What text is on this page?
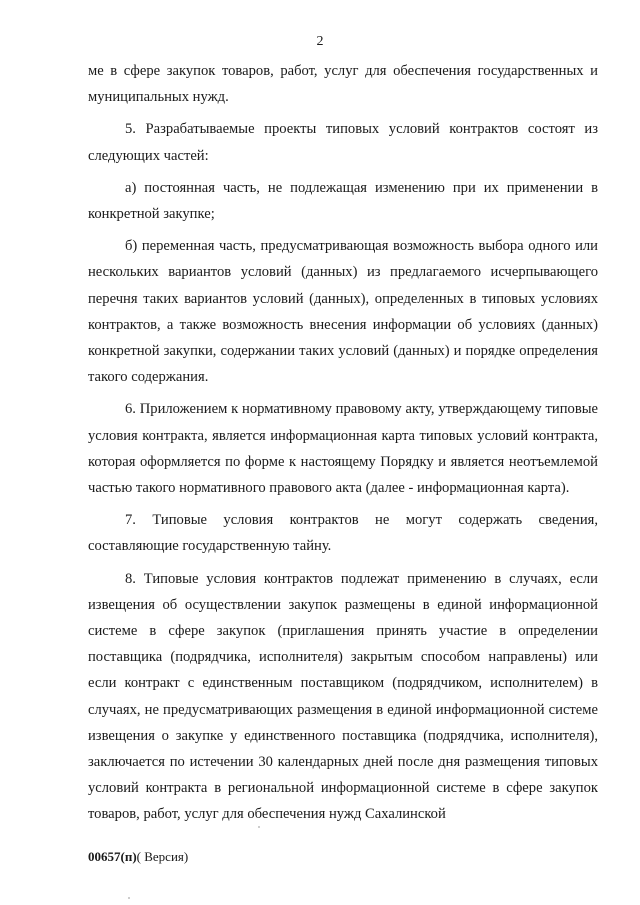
2

ме в сфере закупок товаров, работ, услуг для обеспечения государственных и муниципальных нужд.

5. Разрабатываемые проекты типовых условий контрактов состоят из следующих частей:

а) постоянная часть, не подлежащая изменению при их применении в конкретной закупке;

б) переменная часть, предусматривающая возможность выбора одного или нескольких вариантов условий (данных) из предлагаемого исчерпывающего перечня таких вариантов условий (данных), определенных в типовых условиях контрактов, а также возможность внесения информации об условиях (данных) конкретной закупки, содержании таких условий (данных) и порядке определения такого содержания.

6. Приложением к нормативному правовому акту, утверждающему типовые условия контракта, является информационная карта типовых условий контракта, которая оформляется по форме к настоящему Порядку и является неотъемлемой частью такого нормативного правового акта (далее - информационная карта).

7. Типовые условия контрактов не могут содержать сведения, составляющие государственную тайну.

8. Типовые условия контрактов подлежат применению в случаях, если извещения об осуществлении закупок размещены в единой информационной системе в сфере закупок (приглашения принять участие в определении поставщика (подрядчика, исполнителя) закрытым способом направлены) или если контракт с единственным поставщиком (подрядчиком, исполнителем) в случаях, не предусматривающих размещения в единой информационной системе извещения о закупке у единственного поставщика (подрядчика, исполнителя), заключается по истечении 30 календарных дней после дня размещения типовых условий контракта в региональной информационной системе в сфере закупок товаров, работ, услуг для обеспечения нужд Сахалинской

00657(п)( Версия)
